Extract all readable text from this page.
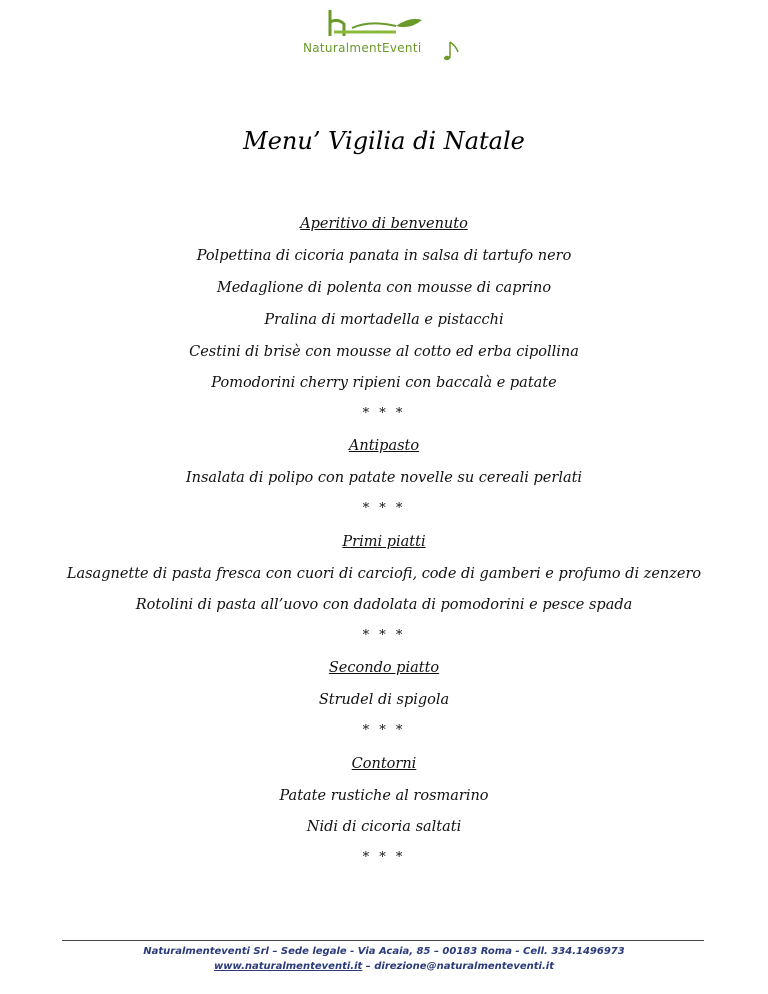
NaturalmentEventi
Menu’ Vigilia di Natale
Aperitivo di benvenuto
Polpettina di cicoria panata in salsa di tartufo nero
Medaglione di polenta con mousse di caprino
Pralina di mortadella e pistacchi
Cestini di brisè con mousse al cotto ed erba cipollina
Pomodorini cherry ripieni con baccalà e patate
* * *
Antipasto
Insalata di polipo con patate novelle su cereali perlati
* * *
Primi piatti
Lasagnette di pasta fresca con cuori di carciofi, code di gamberi e profumo di zenzero
Rotolini di pasta all’uovo con dadolata di pomodorini e pesce spada
* * *
Secondo piatto
Strudel di spigola
* * *
Contorni
Patate rustiche al rosmarino
Nidi di cicoria saltati
* * *
Naturalmenteventi Srl – Sede legale - Via Acaia, 85 – 00183 Roma - Cell. 334.1496973
www.naturalmenteventi.it – direzione@naturalmenteventi.it
